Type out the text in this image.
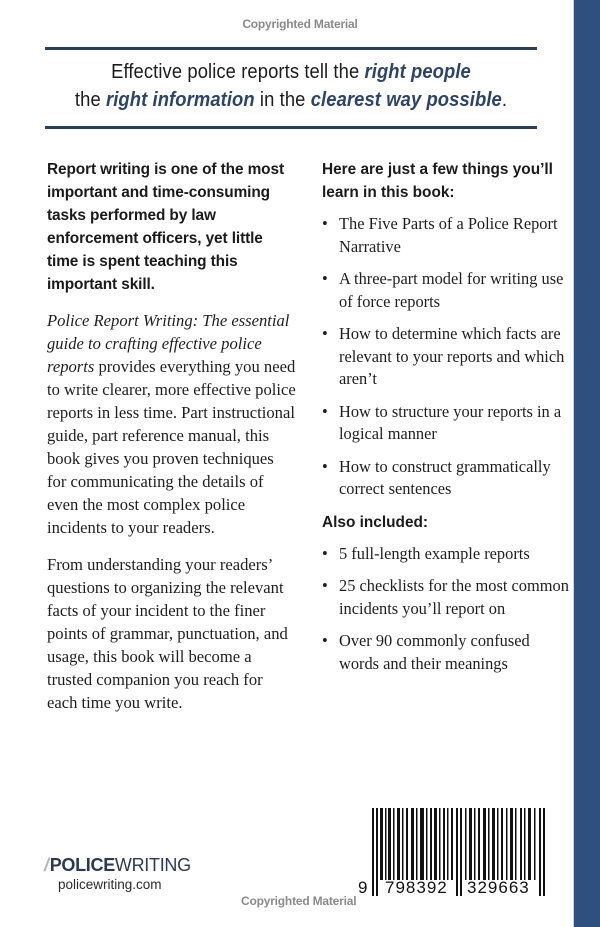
Copyrighted Material
Effective police reports tell the right people
the right information in the clearest way possible.

Report writing is one of the most important and time-consuming tasks performed by law enforcement officers, yet little time is spent teaching this important skill.

Police Report Writing: The essential guide to crafting effective police reports provides everything you need to write clearer, more effective police reports in less time. Part instructional guide, part reference manual, this book gives you proven techniques for communicating the details of even the most complex police incidents to your readers.

From understanding your readers’ questions to organizing the relevant facts of your incident to the finer points of grammar, punctuation, and usage, this book will become a trusted companion you reach for each time you write.

Here are just a few things you’ll learn in this book:

• The Five Parts of a Police Report Narrative
• A three-part model for writing use of force reports
• How to determine which facts are relevant to your reports and which aren’t
• How to structure your reports in a logical manner
• How to construct grammatically correct sentences

Also included:

• 5 full-length example reports
• 25 checklists for the most common incidents you’ll report on
• Over 90 commonly confused words and their meanings
/POLICEWRITING
policewriting.com	9 798392 329663
Copyrighted Material
